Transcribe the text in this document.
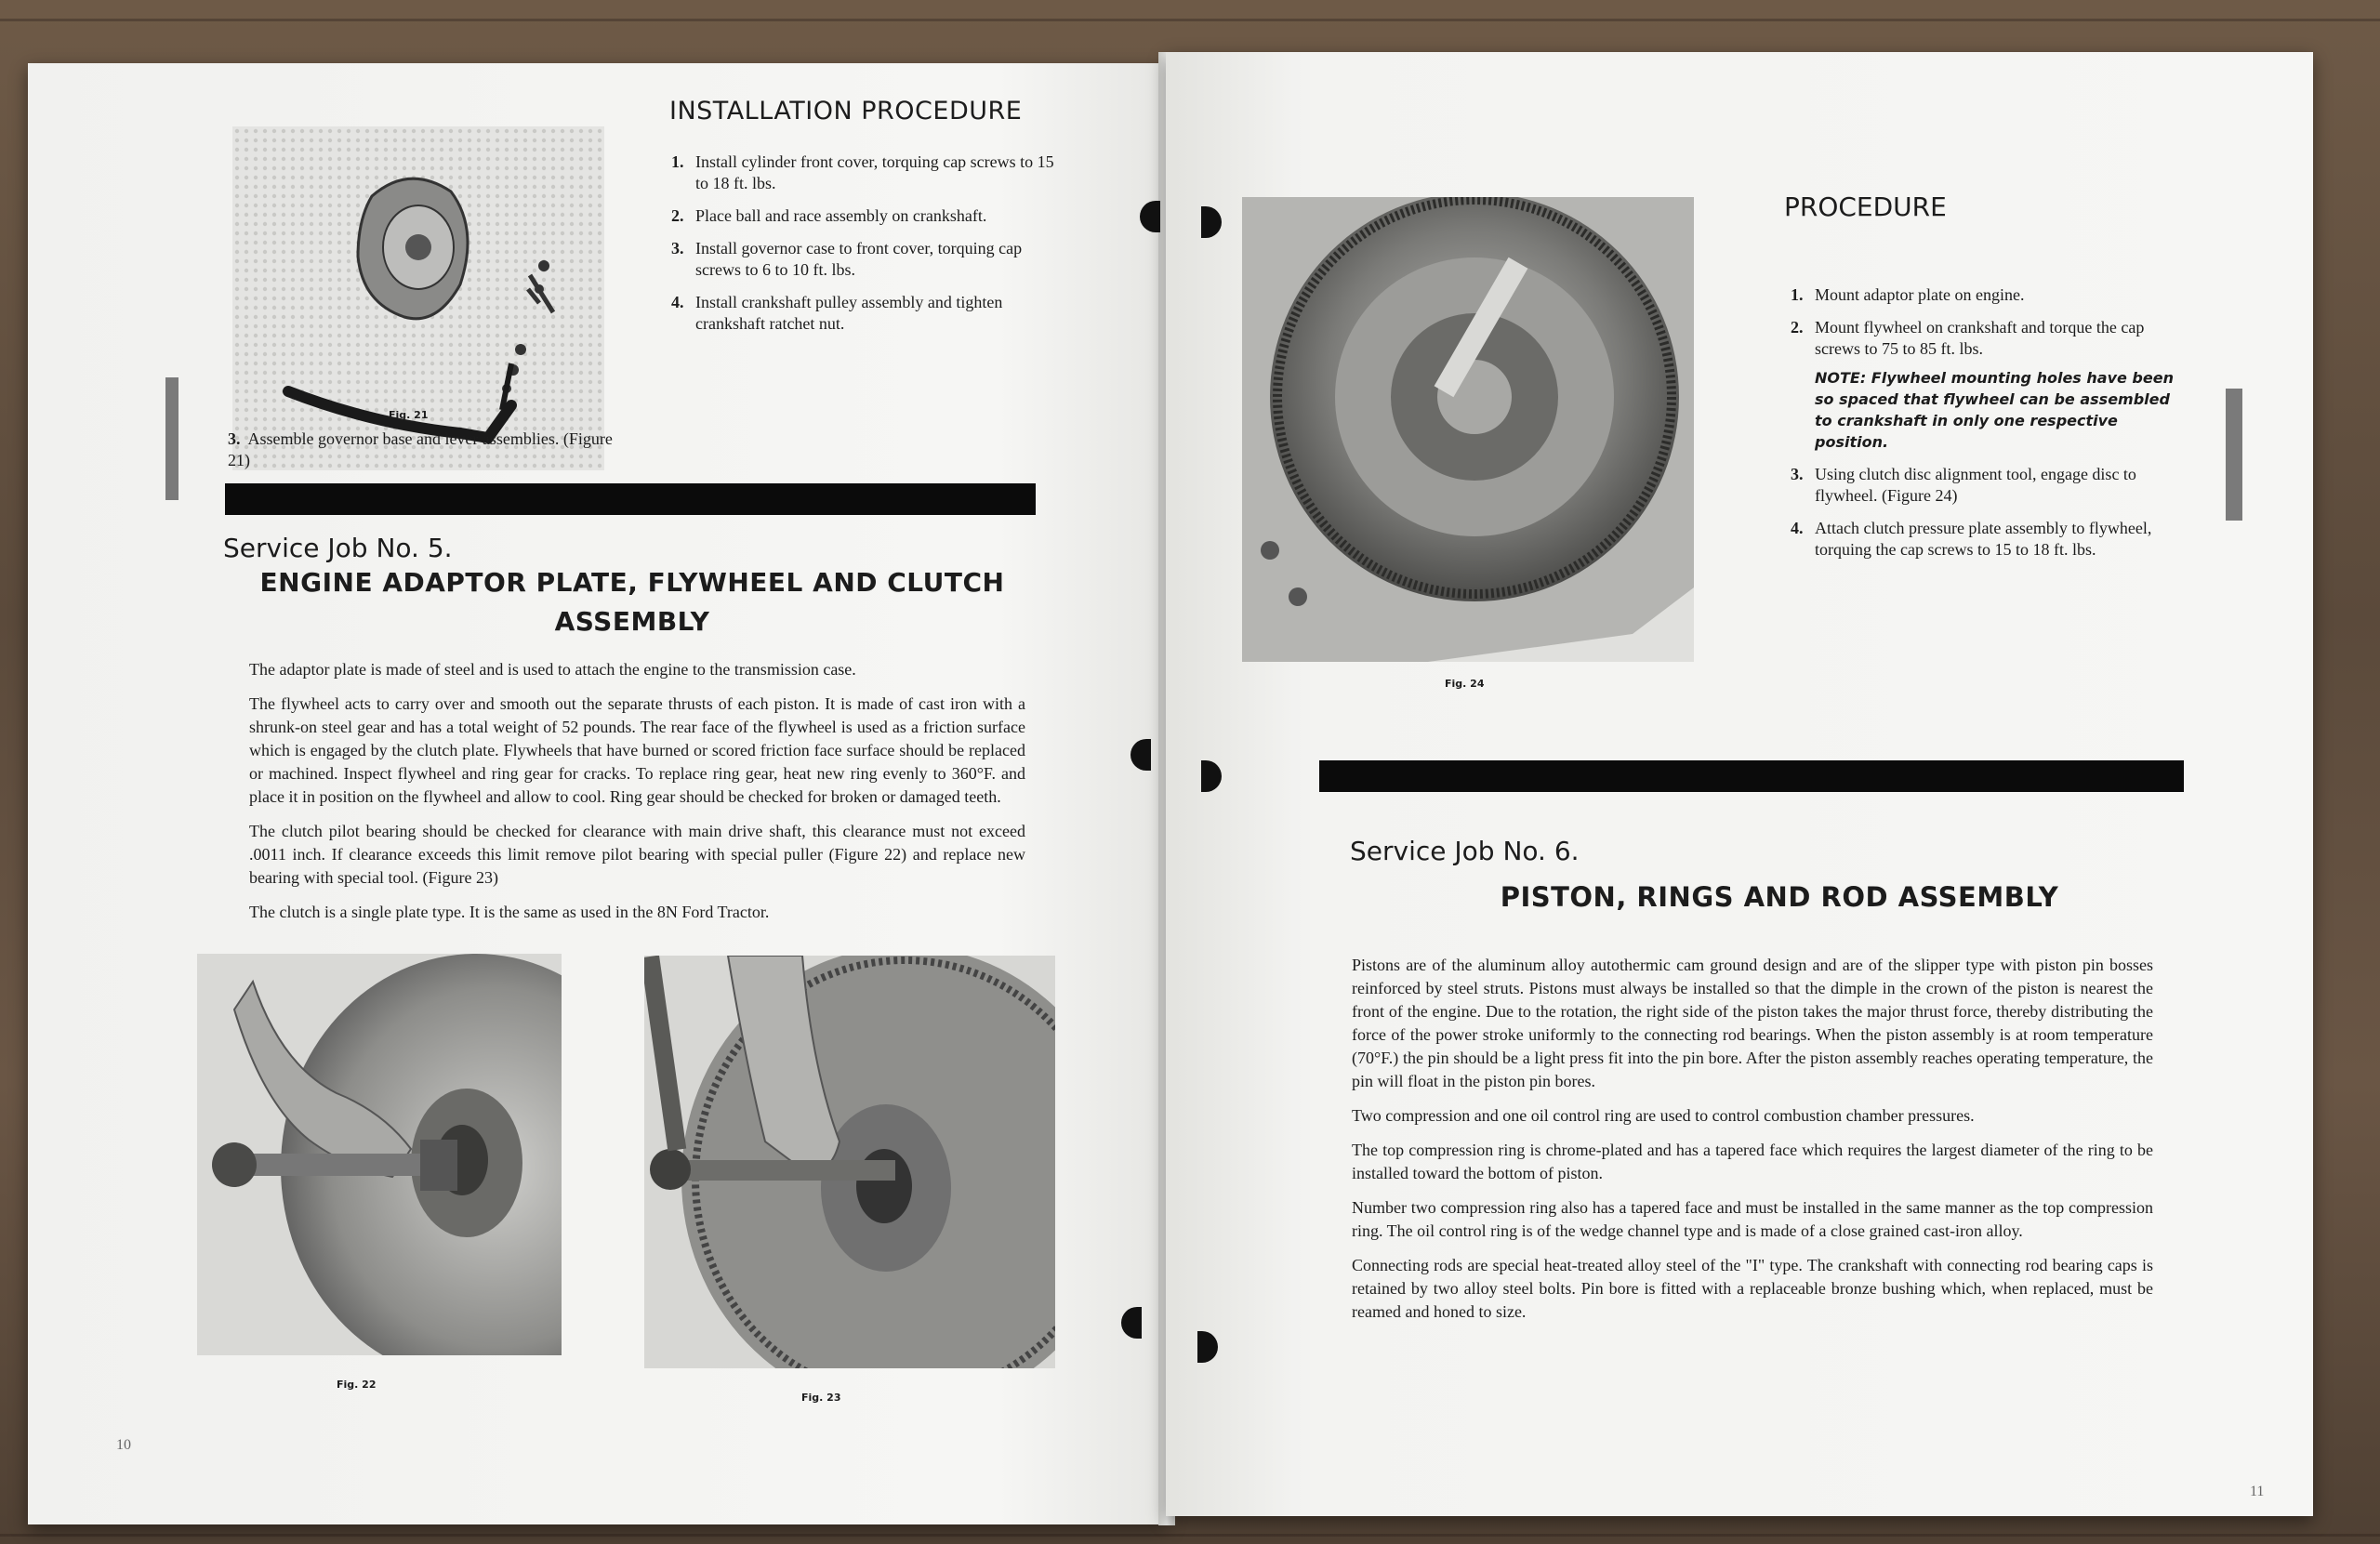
Fig. 21
3. Assemble governor base and lever assemblies. (Figure 21)
INSTALLATION PROCEDURE
1. Install cylinder front cover, torquing cap screws to 15 to 18 ft. lbs.
2. Place ball and race assembly on crankshaft.
3. Install governor case to front cover, torquing cap screws to 6 to 10 ft. lbs.
4. Install crankshaft pulley assembly and tighten crankshaft ratchet nut.
Service Job No. 5.
ENGINE ADAPTOR PLATE, FLYWHEEL AND CLUTCH
ASSEMBLY

The adaptor plate is made of steel and is used to attach the engine to the transmission case.

The flywheel acts to carry over and smooth out the separate thrusts of each piston. It is made of cast iron with a shrunk-on steel gear and has a total weight of 52 pounds. The rear face of the flywheel is used as a friction surface which is engaged by the clutch plate. Flywheels that have burned or scored friction face surface should be replaced or machined. Inspect flywheel and ring gear for cracks. To replace ring gear, heat new ring evenly to 360°F. and place it in position on the flywheel and allow to cool. Ring gear should be checked for broken or damaged teeth.

The clutch pilot bearing should be checked for clearance with main drive shaft, this clearance must not exceed .0011 inch. If clearance exceeds this limit remove pilot bearing with special puller (Figure 22) and replace new bearing with special tool. (Figure 23)

The clutch is a single plate type. It is the same as used in the 8N Ford Tractor.

Fig. 22
Fig. 23
10
Fig. 24
PROCEDURE
1. Mount adaptor plate on engine.
2. Mount flywheel on crankshaft and torque the cap screws to 75 to 85 ft. lbs.
NOTE: Flywheel mounting holes have been so spaced that flywheel can be assembled to crankshaft in only one respective position.
3. Using clutch disc alignment tool, engage disc to flywheel. (Figure 24)
4. Attach clutch pressure plate assembly to flywheel, torquing the cap screws to 15 to 18 ft. lbs.
Service Job No. 6.
PISTON, RINGS AND ROD ASSEMBLY

Pistons are of the aluminum alloy autothermic cam ground design and are of the slipper type with piston pin bosses reinforced by steel struts. Pistons must always be installed so that the dimple in the crown of the piston is nearest the front of the engine. Due to the rotation, the right side of the piston takes the major thrust force, thereby distributing the force of the power stroke uniformly to the connecting rod bearings. When the piston assembly is at room temperature (70°F.) the pin should be a light press fit into the pin bore. After the piston assembly reaches operating temperature, the pin will float in the piston pin bores.

Two compression and one oil control ring are used to control combustion chamber pressures.

The top compression ring is chrome-plated and has a tapered face which requires the largest diameter of the ring to be installed toward the bottom of piston.

Number two compression ring also has a tapered face and must be installed in the same manner as the top compression ring. The oil control ring is of the wedge channel type and is made of a close grained cast-iron alloy.

Connecting rods are special heat-treated alloy steel of the "I" type. The crankshaft with connecting rod bearing caps is retained by two alloy steel bolts. Pin bore is fitted with a replaceable bronze bushing which, when replaced, must be reamed and honed to size.

11
